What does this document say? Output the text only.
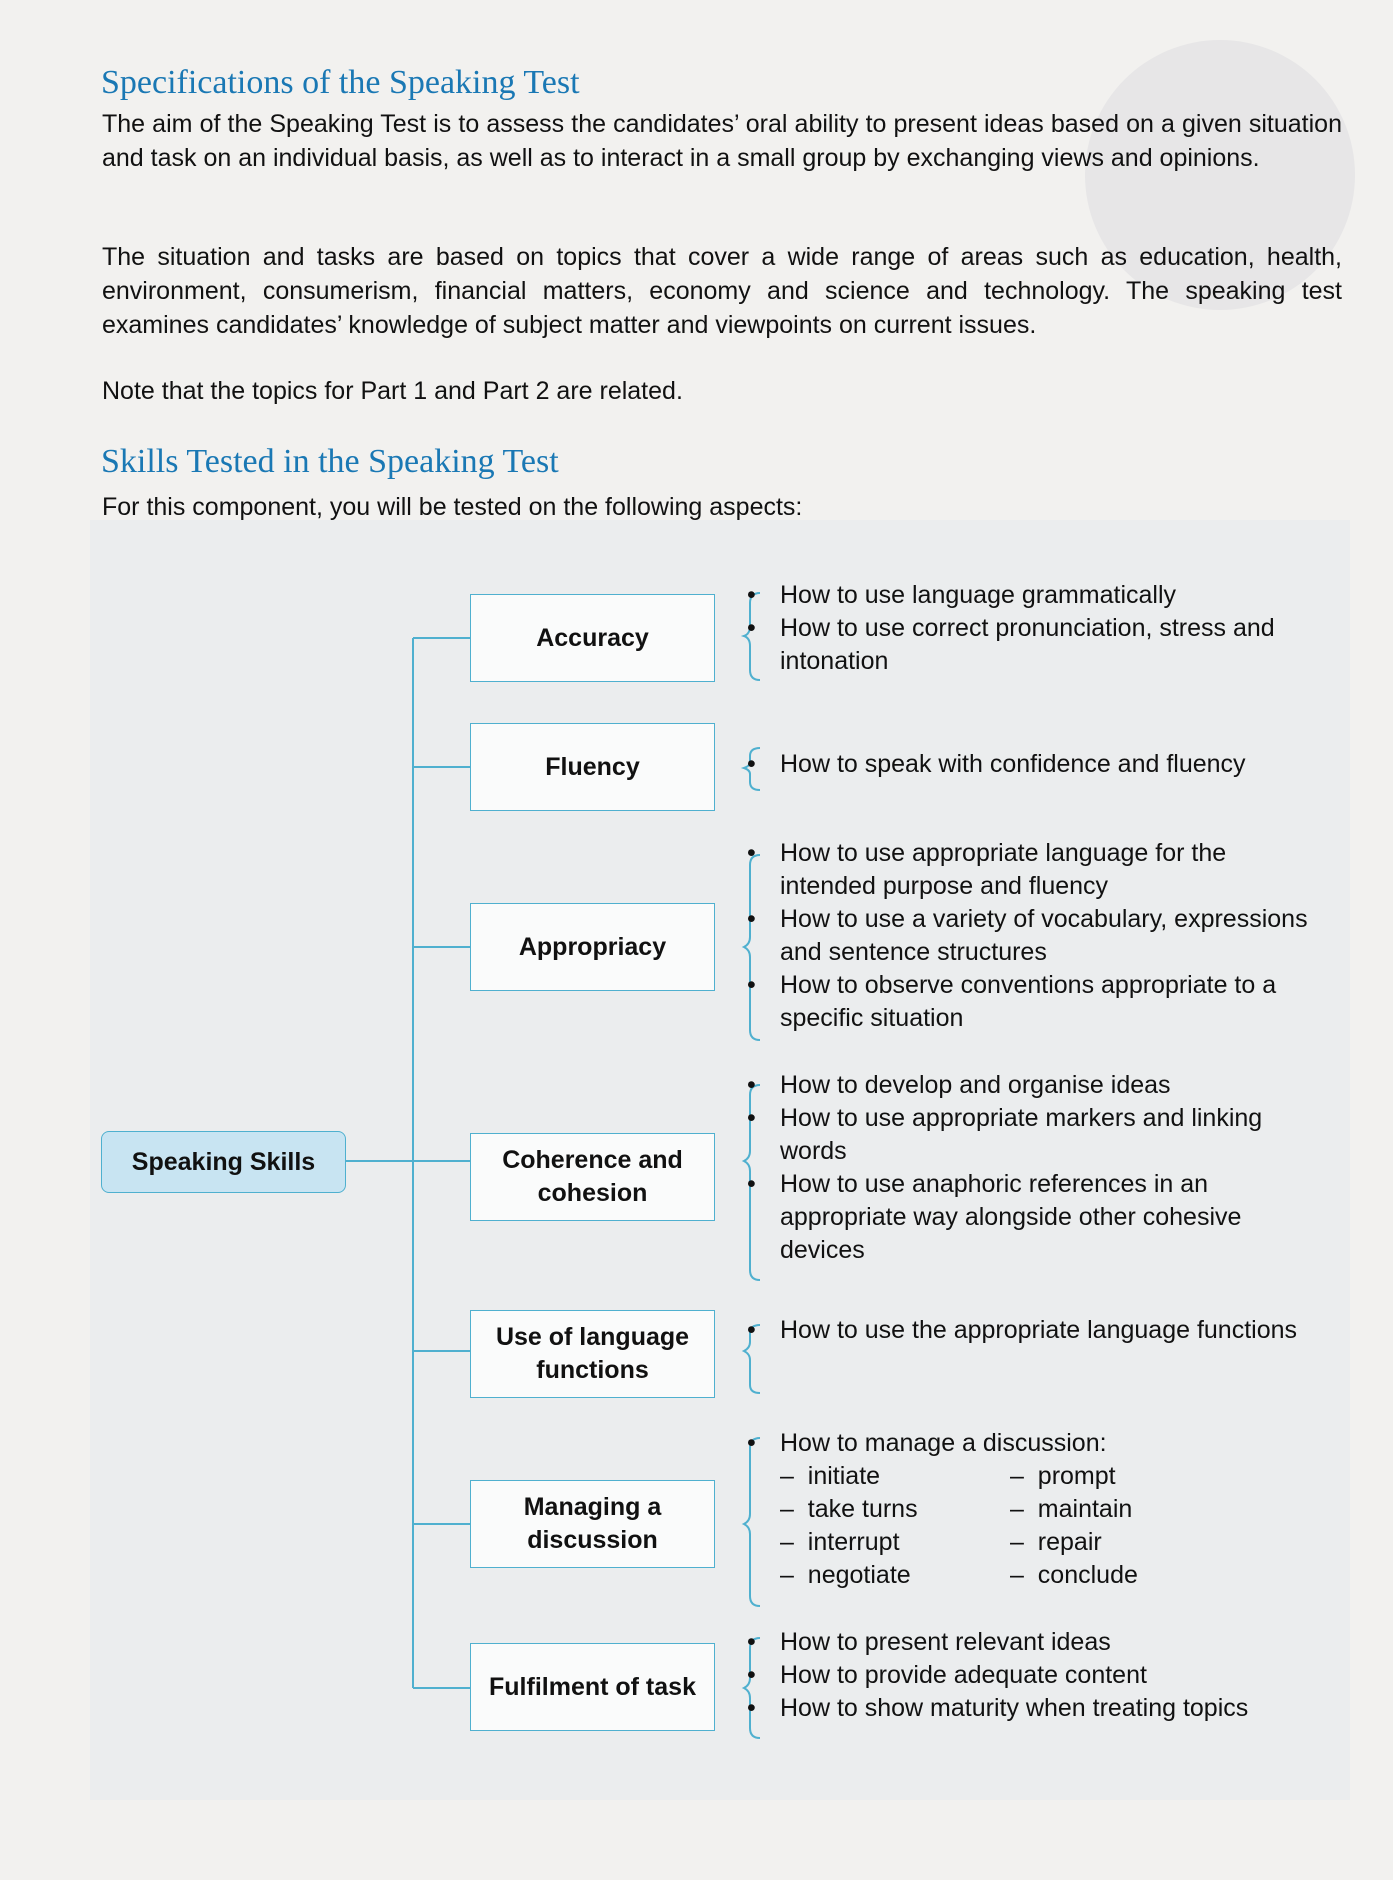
Specifications of the Speaking Test

The aim of the Speaking Test is to assess the candidates’ oral ability to present ideas based on a given situation and task on an individual basis, as well as to interact in a small group by exchanging views and opinions.

The situation and tasks are based on topics that cover a wide range of areas such as education, health, environment, consumerism, financial matters, economy and science and technology. The speaking test examines candidates’ knowledge of subject matter and viewpoints on current issues.

Note that the topics for Part 1 and Part 2 are related.

Skills Tested in the Speaking Test

For this component, you will be tested on the following aspects:

Speaking Skills
Accuracy
Fluency
Appropriacy
Coherence and cohesion
Use of language functions
Managing a discussion
Fulfilment of task
• How to use language grammatically
• How to use correct pronunciation, stress and intonation
• How to speak with confidence and fluency
• How to use appropriate language for the intended purpose and fluency
• How to use a variety of vocabulary, expressions and sentence structures
• How to observe conventions appropriate to a specific situation
• How to develop and organise ideas
• How to use appropriate markers and linking words
• How to use anaphoric references in an appropriate way alongside other cohesive devices
• How to use the appropriate language functions
• How to manage a discussion:
–  initiate	–  prompt
–  take turns	–  maintain
–  interrupt	–  repair
–  negotiate	–  conclude
• How to present relevant ideas
• How to provide adequate content
• How to show maturity when treating topics
